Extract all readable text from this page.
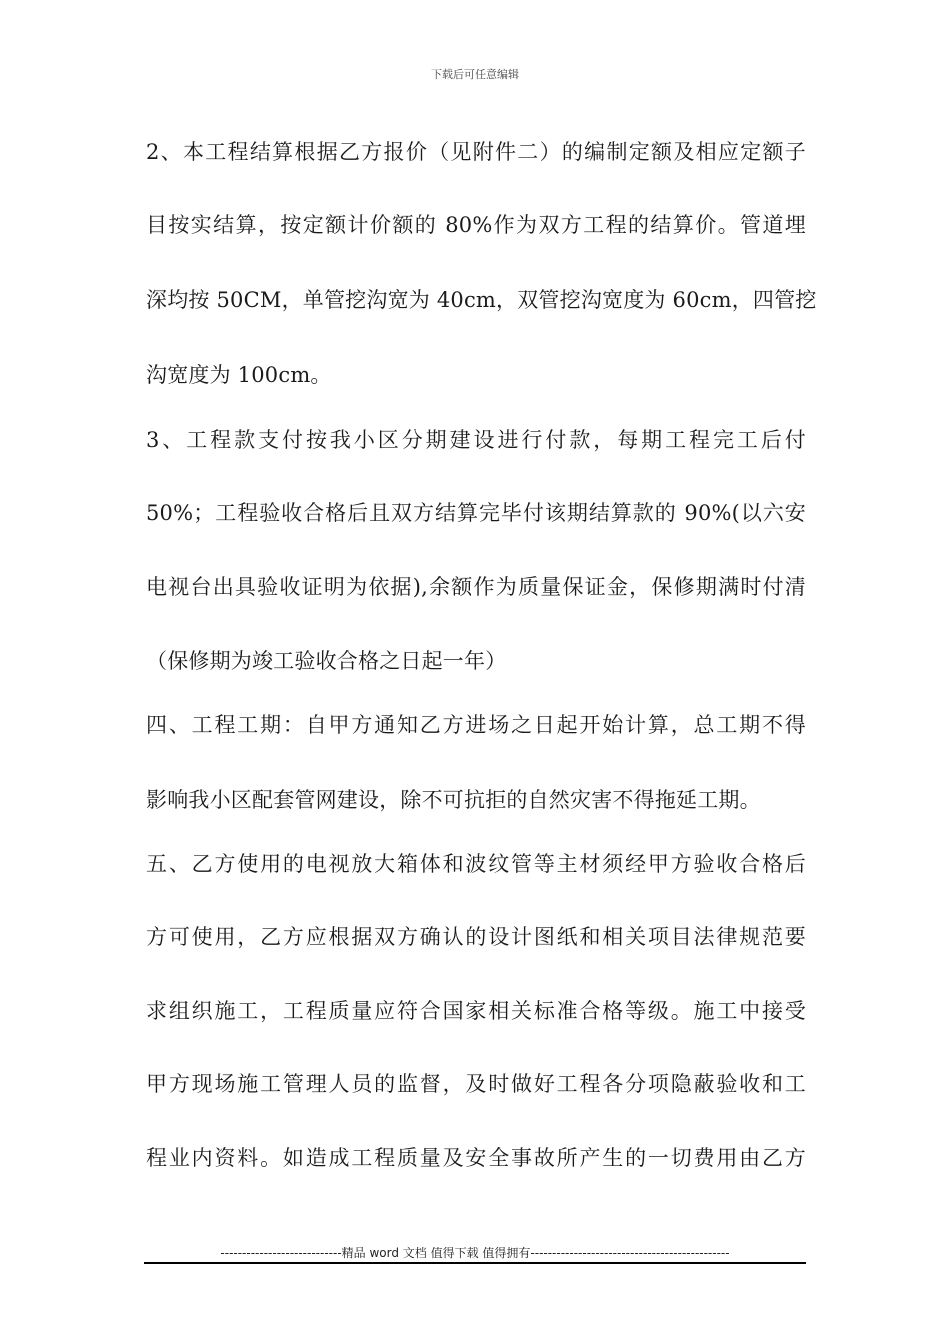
下载后可任意编辑
2、本工程结算根据乙方报价（见附件二）的编制定额及相应定额子
目按实结算，按定额计价额的 80%作为双方工程的结算价。管道埋
深均按 50CM，单管挖沟宽为 40cm，双管挖沟宽度为 60cm，四管挖
沟宽度为 100cm。
3、工程款支付按我小区分期建设进行付款，每期工程完工后付
50%；工程验收合格后且双方结算完毕付该期结算款的 90%(以六安
电视台出具验收证明为依据),余额作为质量保证金，保修期满时付清
（保修期为竣工验收合格之日起一年）
四、工程工期：自甲方通知乙方进场之日起开始计算，总工期不得
影响我小区配套管网建设，除不可抗拒的自然灾害不得拖延工期。
五、乙方使用的电视放大箱体和波纹管等主材须经甲方验收合格后
方可使用，乙方应根据双方确认的设计图纸和相关项目法律规范要
求组织施工，工程质量应符合国家相关标准合格等级。施工中接受
甲方现场施工管理人员的监督，及时做好工程各分项隐蔽验收和工
程业内资料。如造成工程质量及安全事故所产生的一切费用由乙方
----------------------------精品 word 文档 值得下载 值得拥有----------------------------------------------
